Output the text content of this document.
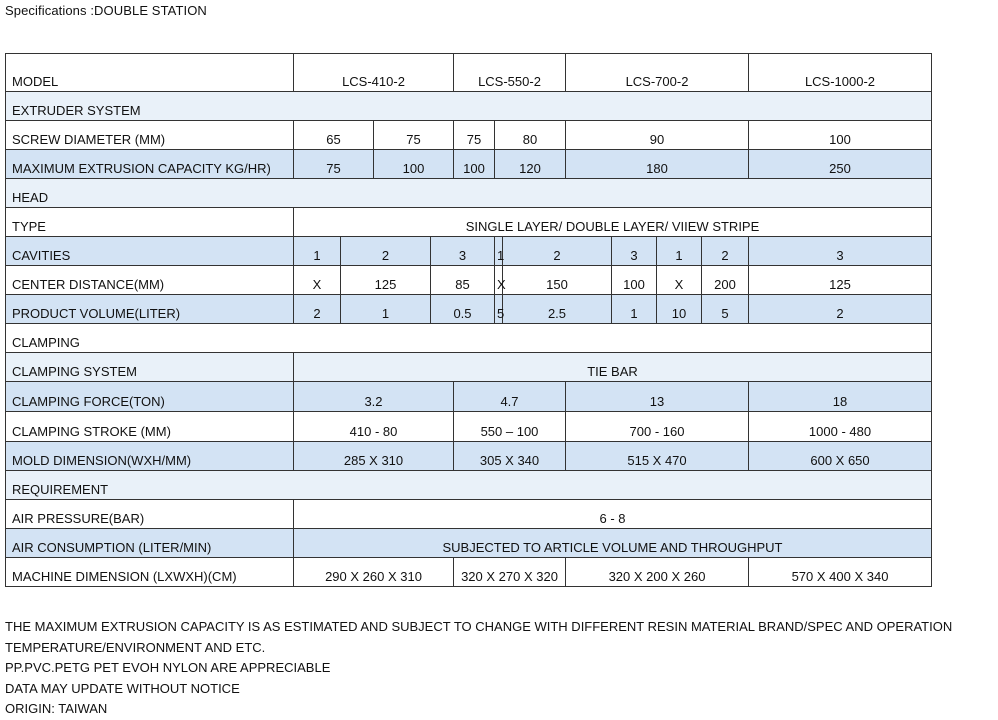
Specifications :DOUBLE STATION
MODEL	LCS-410-2				LCS-550-2			LCS-700-2				LCS-1000-2	
EXTRUDER SYSTEM													
SCREW DIAMETER (MM)	65		75		75	80		90				100	
MAXIMUM EXTRUSION CAPACITY KG/HR)	75		100		100	120		180				250	
HEAD													
TYPE	SINGLE LAYER/ DOUBLE LAYER/ VIIEW STRIPE												
CAVITIES	1	2		3		1	2		3	1	2	3		
CENTER DISTANCE(MM)	X	125		85		X	150		100	X	200	125		
PRODUCT VOLUME(LITER)	2	1		0.5		5	2.5		1	10	5	2		
CLAMPING													
CLAMPING SYSTEM	TIE BAR												
CLAMPING FORCE(TON)	3.2				4.7			13				18	
CLAMPING STROKE (MM)	410 - 80				550 – 100			700 - 160				1000 - 480	
MOLD DIMENSION(WXH/MM)	285 X 310				305 X 340			515 X 470				600 X 650	
REQUIREMENT													
AIR PRESSURE(BAR)	6 - 8												
AIR CONSUMPTION (LITER/MIN)	SUBJECTED TO ARTICLE VOLUME AND THROUGHPUT												
MACHINE DIMENSION (LXWXH)(CM)	290 X 260 X 310				320 X 270 X 320			320 X 200 X 260				570 X 400 X 340	
THE MAXIMUM EXTRUSION CAPACITY IS AS ESTIMATED AND SUBJECT TO CHANGE WITH DIFFERENT RESIN MATERIAL BRAND/SPEC AND OPERATION
TEMPERATURE/ENVIRONMENT AND ETC.
PP.PVC.PETG PET EVOH NYLON ARE APPRECIABLE
DATA MAY UPDATE WITHOUT NOTICE
ORIGIN: TAIWAN
